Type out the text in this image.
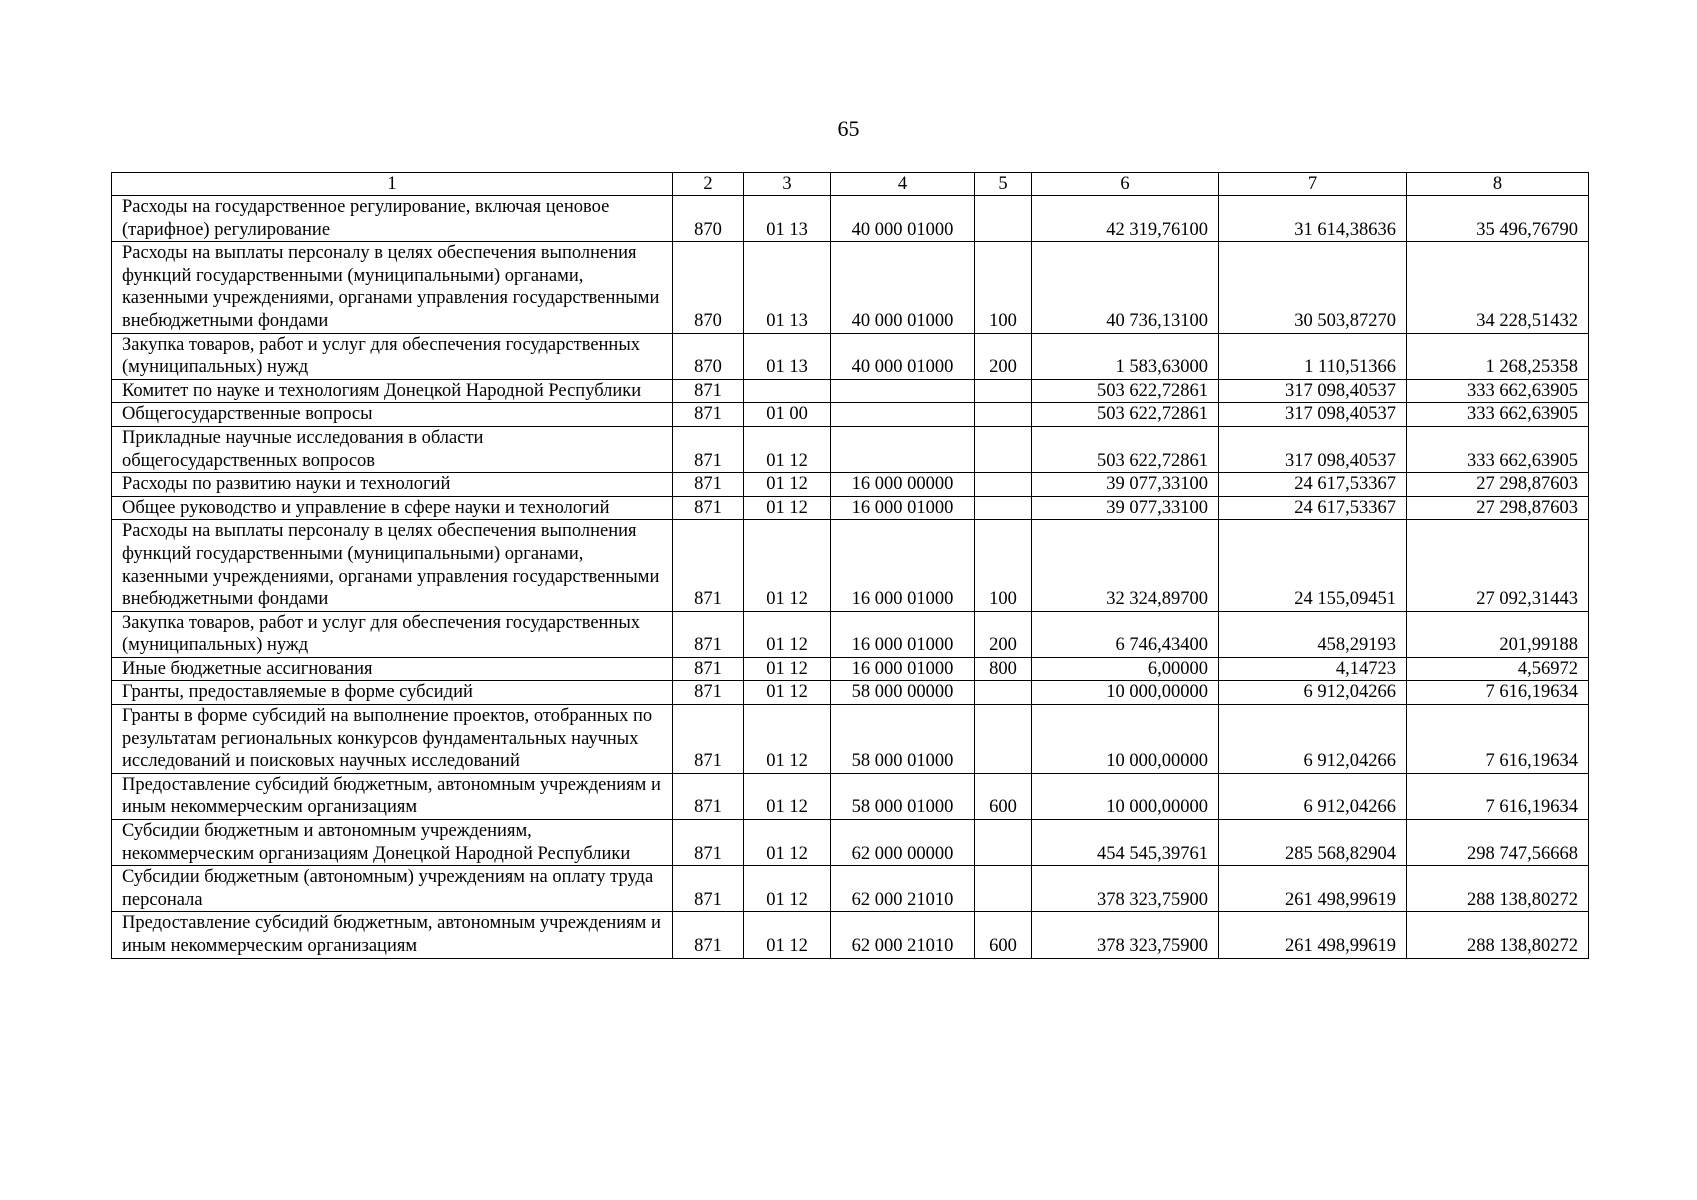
65
1	2	3	4	5	6	7	8
Расходы на государственное регулирование, включая ценовое (тарифное) регулирование	870	01 13	40 000 01000		42 319,76100	31 614,38636	35 496,76790
Расходы на выплаты персоналу в целях обеспечения выполнения функций государственными (муниципальными) органами, казенными учреждениями, органами управления государственными внебюджетными фондами	870	01 13	40 000 01000	100	40 736,13100	30 503,87270	34 228,51432
Закупка товаров, работ и услуг для обеспечения государственных (муниципальных) нужд	870	01 13	40 000 01000	200	1 583,63000	1 110,51366	1 268,25358
Комитет по науке и технологиям Донецкой Народной Республики	871				503 622,72861	317 098,40537	333 662,63905
Общегосударственные вопросы	871	01 00			503 622,72861	317 098,40537	333 662,63905
Прикладные научные исследования в области общегосударственных вопросов	871	01 12			503 622,72861	317 098,40537	333 662,63905
Расходы по развитию науки и технологий	871	01 12	16 000 00000		39 077,33100	24 617,53367	27 298,87603
Общее руководство и управление в сфере науки и технологий	871	01 12	16 000 01000		39 077,33100	24 617,53367	27 298,87603
Расходы на выплаты персоналу в целях обеспечения выполнения функций государственными (муниципальными) органами, казенными учреждениями, органами управления государственными внебюджетными фондами	871	01 12	16 000 01000	100	32 324,89700	24 155,09451	27 092,31443
Закупка товаров, работ и услуг для обеспечения государственных (муниципальных) нужд	871	01 12	16 000 01000	200	6 746,43400	458,29193	201,99188
Иные бюджетные ассигнования	871	01 12	16 000 01000	800	6,00000	4,14723	4,56972
Гранты, предоставляемые в форме субсидий	871	01 12	58 000 00000		10 000,00000	6 912,04266	7 616,19634
Гранты в форме субсидий на выполнение проектов, отобранных по результатам региональных конкурсов фундаментальных научных исследований и поисковых научных исследований	871	01 12	58 000 01000		10 000,00000	6 912,04266	7 616,19634
Предоставление субсидий бюджетным, автономным учреждениям и иным некоммерческим организациям	871	01 12	58 000 01000	600	10 000,00000	6 912,04266	7 616,19634
Субсидии бюджетным и автономным учреждениям, некоммерческим организациям Донецкой Народной Республики	871	01 12	62 000 00000		454 545,39761	285 568,82904	298 747,56668
Субсидии бюджетным (автономным) учреждениям на оплату труда персонала	871	01 12	62 000 21010		378 323,75900	261 498,99619	288 138,80272
Предоставление субсидий бюджетным, автономным учреждениям и иным некоммерческим организациям	871	01 12	62 000 21010	600	378 323,75900	261 498,99619	288 138,80272
